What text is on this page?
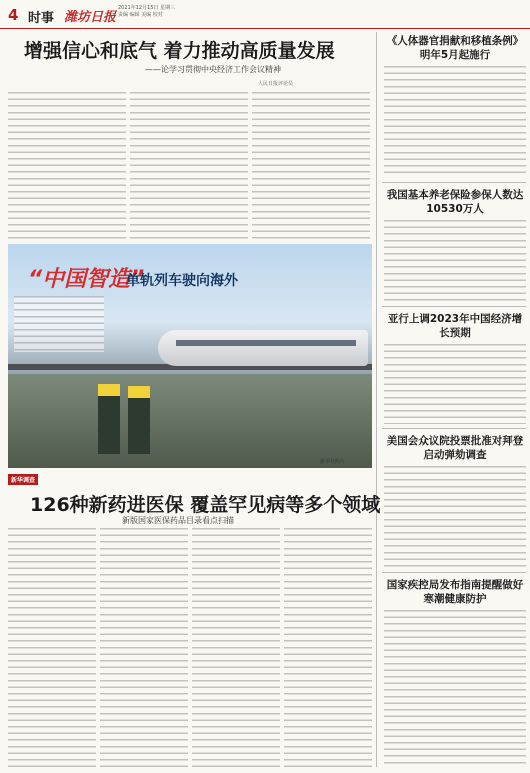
4 时事 潍坊日报
2021年12月15日 星期三
责编 编辑 美编 校对
增强信心和底气 着力推动高质量发展
——论学习贯彻中央经济工作会议精神
人民日报评论员
《人体器官捐献和移植条例》明年5月起施行
我国基本养老保险参保人数达10530万人
亚行上调2023年中国经济增长预期
美国会众议院投票批准对拜登启动弹劾调查
国家疾控局发布指南提醒做好寒潮健康防护
“中国智造”
单轨列车驶向海外
新华社照片
新华调查
126种新药进医保 覆盖罕见病等多个领域
新版国家医保药品目录看点扫描
